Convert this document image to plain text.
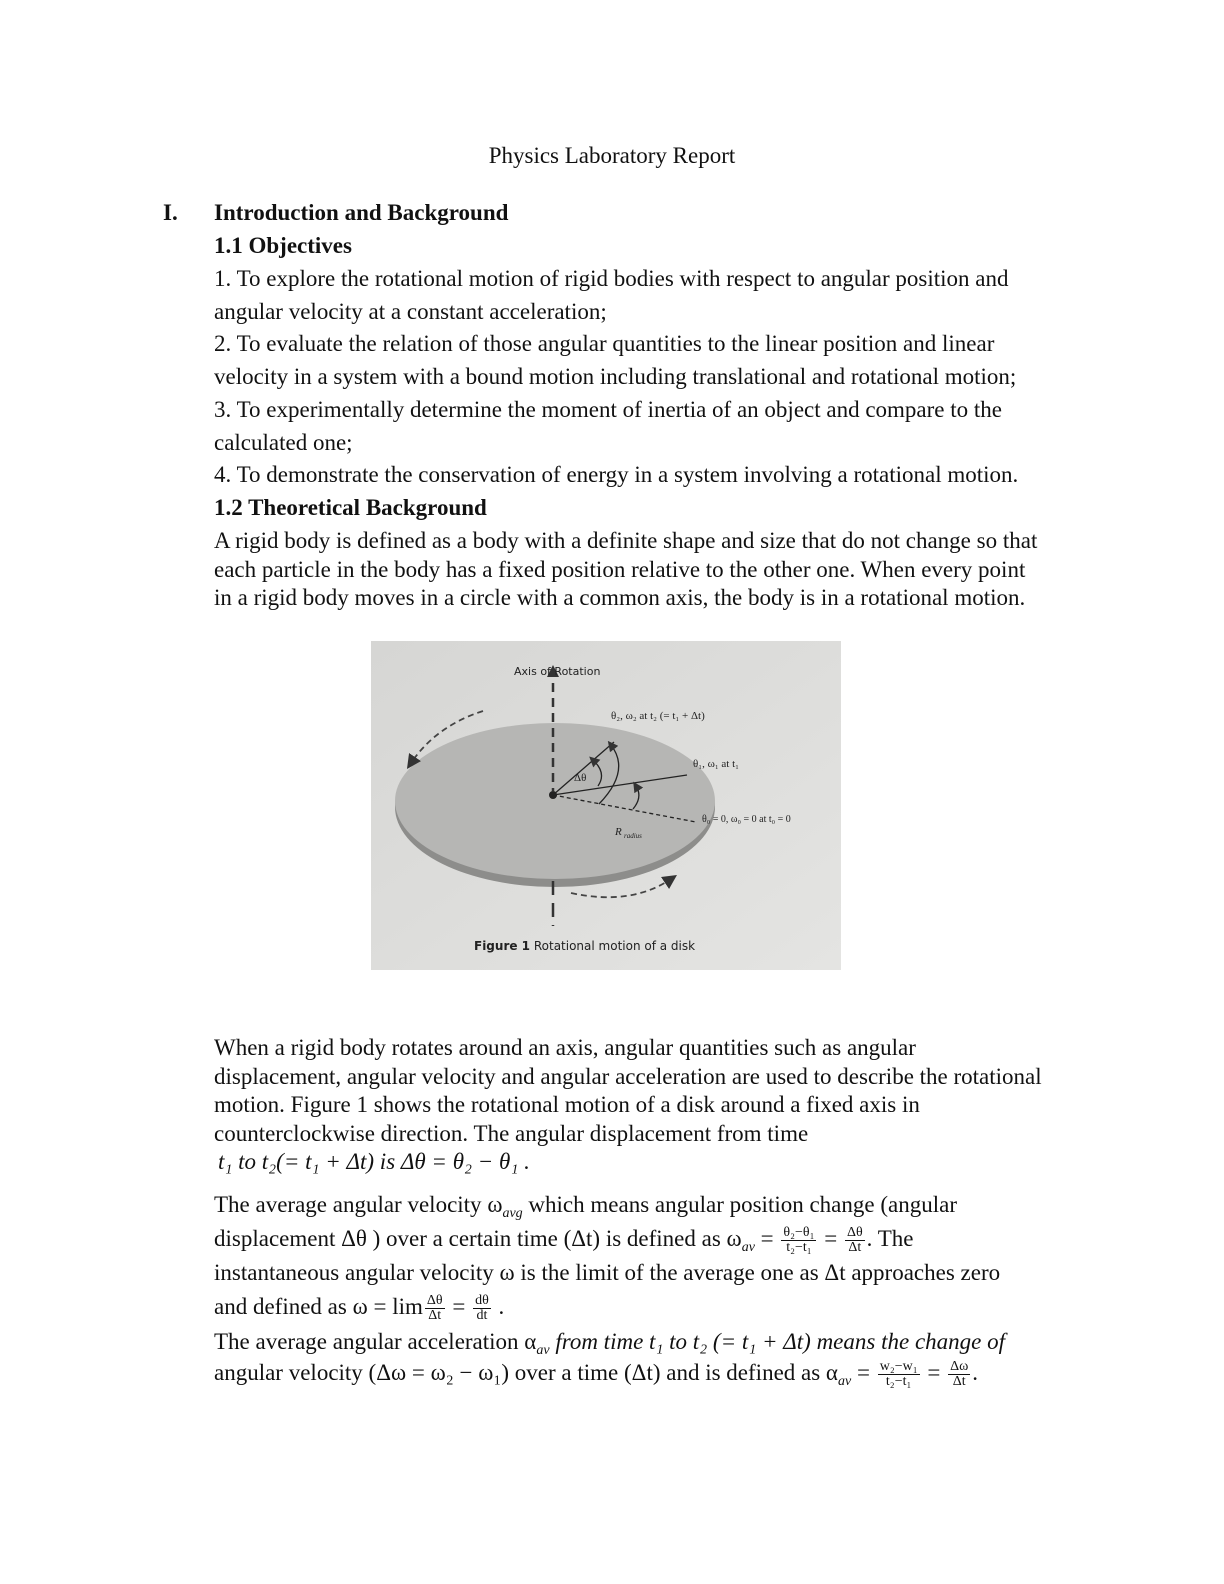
Physics Laboratory Report
I. Introduction and Background
1.1 Objectives
1. To explore the rotational motion of rigid bodies with respect to angular position and
angular velocity at a constant acceleration;
2. To evaluate the relation of those angular quantities to the linear position and linear
velocity in a system with a bound motion including translational and rotational motion;
3. To experimentally determine the moment of inertia of an object and compare to the
calculated one;
4. To demonstrate the conservation of energy in a system involving a rotational motion.
1.2 Theoretical Background
A rigid body is defined as a body with a definite shape and size that do not change so that
each particle in the body has a fixed position relative to the other one. When every point
in a rigid body moves in a circle with a common axis, the body is in a rotational motion.
Axis of Rotation
θ₂, ω₂ at t₂ (= t₁ + Δt)
θ₁, ω₁ at t₁
θ₀ = 0, ω₀ = 0 at t₀ = 0
Δθ
R radius
Figure 1 Rotational motion of a disk
When a rigid body rotates around an axis, angular quantities such as angular
displacement, angular velocity and angular acceleration are used to describe the rotational
motion. Figure 1 shows the rotational motion of a disk around a fixed axis in
counterclockwise direction. The angular displacement from time
t₁ to t₂(= t₁ + Δt) is Δθ = θ₂ − θ₁ .
The average angular velocity $\omega_{avg}$ which means angular position change (angular
displacement Δθ ) over a certain time (Δt) is defined as $\omega_{av} = \frac{\text{θ₂−θ₁}}{\text{t₂−t₁}} = \frac{\Delta\theta}{\Delta t}$ . The
instantaneous angular velocity ω is the limit of the average one as Δt approaches zero
and defined as $\omega = \lim \frac{\Delta\theta}{\Delta t} = \frac{d\theta}{dt}$ .
The average angular acceleration $\alpha_{av}$ from time t₁ to t₂ (= t₁ + Δt) means the change of
angular velocity (Δω = ω₂ − ω₁) over a time (Δt) and is defined as $\alpha_{av} = \frac{\text{w₂−w₁}}{\text{t₂−t₁}} = \frac{\Delta\omega}{\Delta t}$ .
